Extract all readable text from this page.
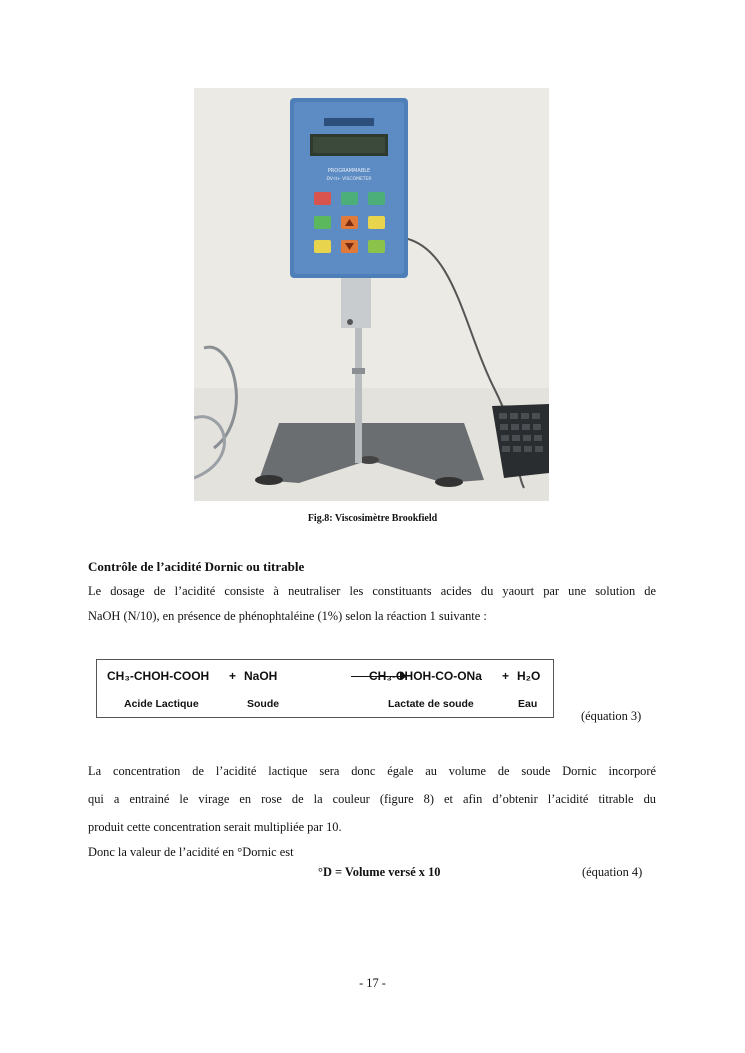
PROGRAMMABLE
DV-II+ VISCOMETER
Fig.8: Viscosimètre Brookfield
Contrôle de l’acidité Dornic ou titrable
Le dosage de l’acidité consiste à neutraliser les constituants acides du yaourt par une solution de
NaOH (N/10), en présence de phénophtaléine (1%) selon la réaction 1 suivante :
CH₃-CHOH-COOH + NaOH	CH₃-CHOH-CO-ONa + H₂O
Acide Lactique	Soude	Lactate de soude	Eau
(équation 3)
La concentration de l’acidité lactique sera donc égale au volume de soude Dornic incorporé
qui a entrainé le virage en rose de la couleur (figure 8) et afin d’obtenir l’acidité titrable du
produit cette concentration serait multipliée par 10.
Donc la valeur de l’acidité en °Dornic est
°D = Volume versé x 10	(équation 4)
- 17 -
